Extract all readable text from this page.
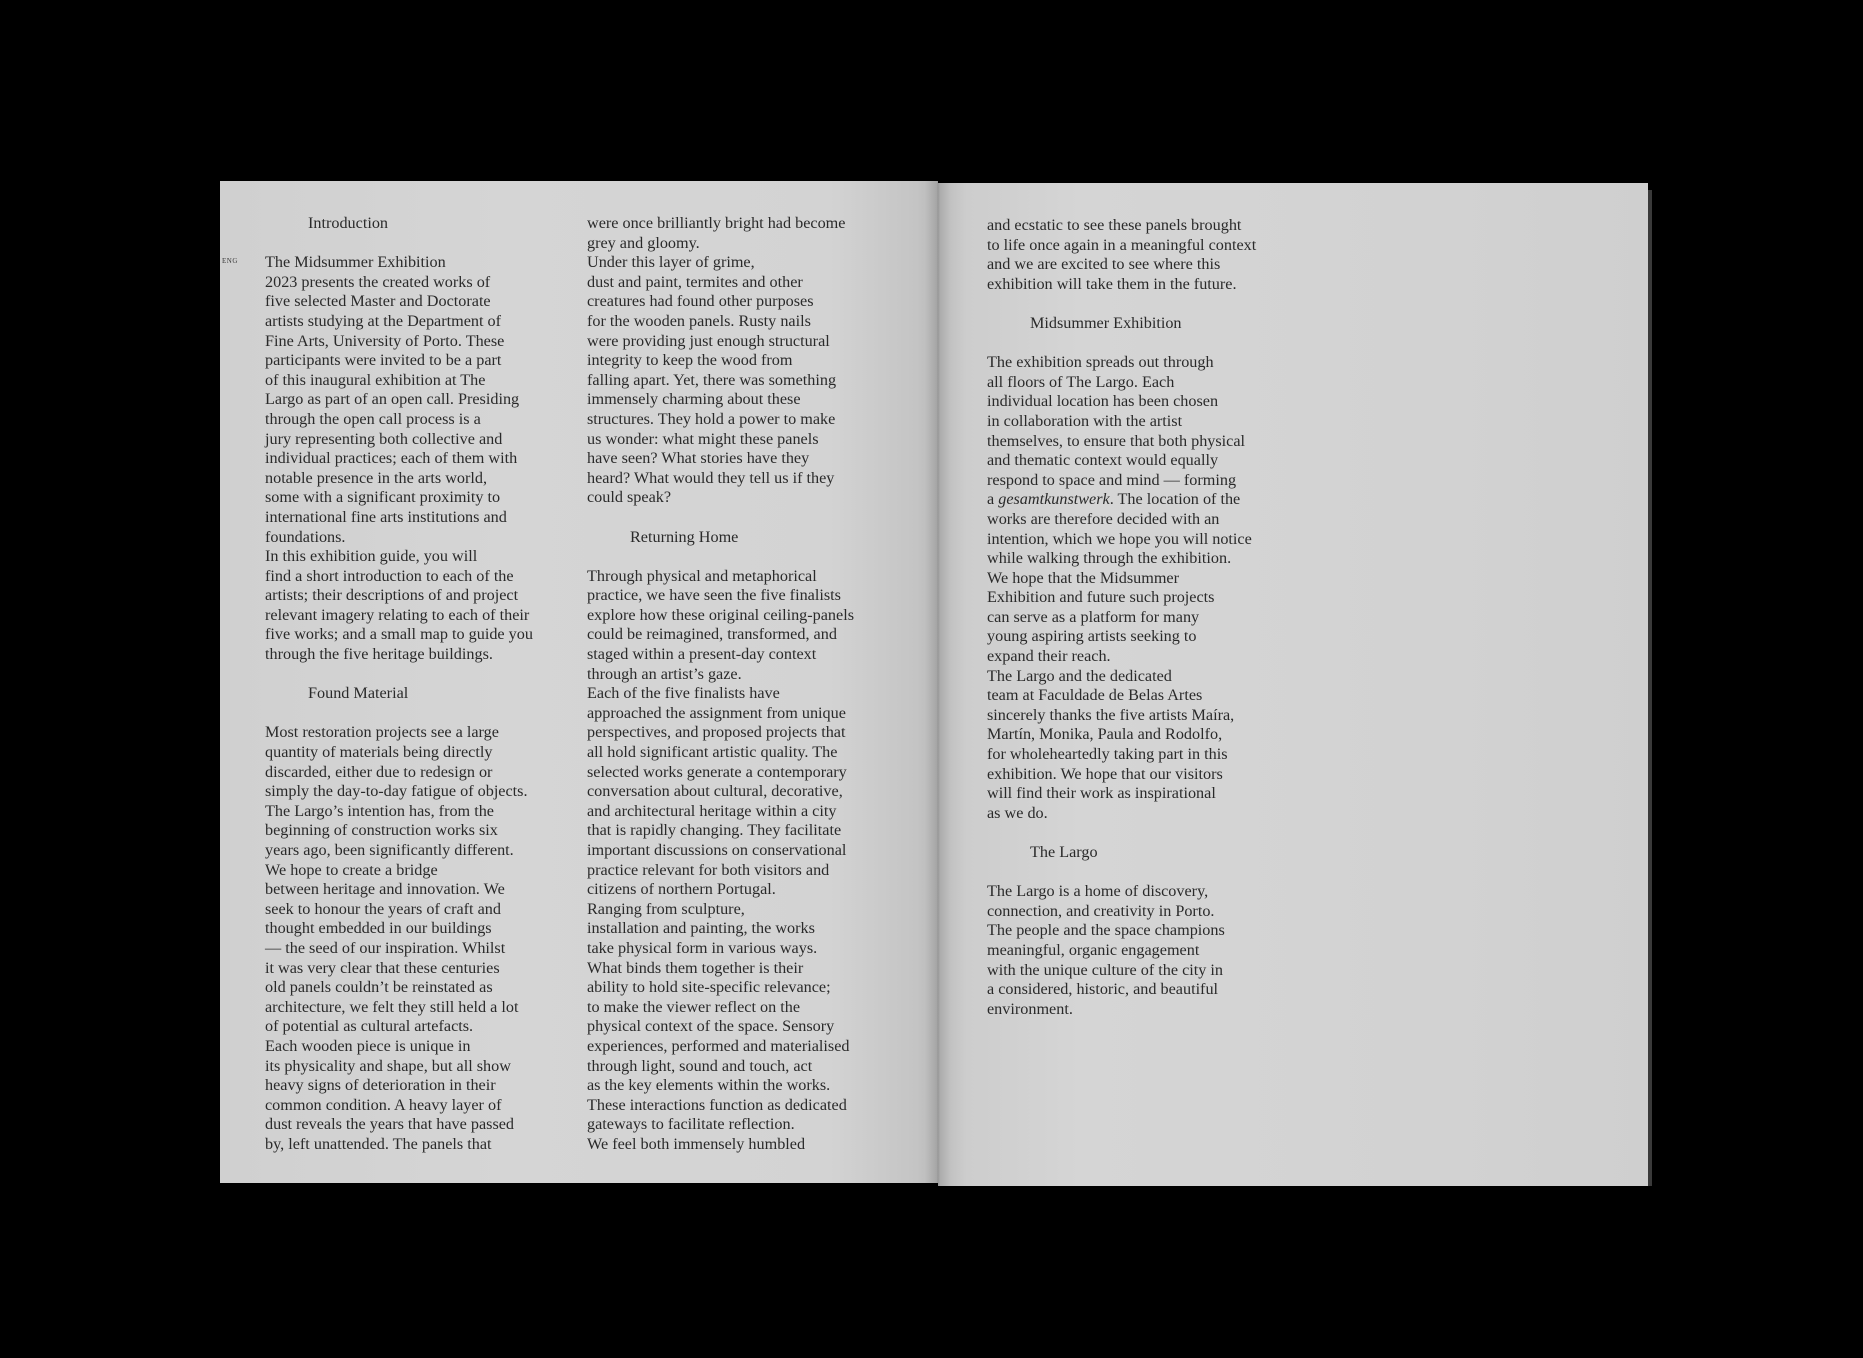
Introduction
ENG The Midsummer Exhibition

2023 presents the created works of

five selected Master and Doctorate

artists studying at the Department of

Fine Arts, University of Porto. These

participants were invited to be a part

of this inaugural exhibition at The

Largo as part of an open call. Presiding

through the open call process is a

jury representing both collective and

individual practices; each of them with

notable presence in the arts world,

some with a significant proximity to

international fine arts institutions and

foundations.

In this exhibition guide, you will

find a short introduction to each of the

artists; their descriptions of and project

relevant imagery relating to each of their

five works; and a small map to guide you

through the five heritage buildings.

Found Material

Most restoration projects see a large

quantity of materials being directly

discarded, either due to redesign or

simply the day-to-day fatigue of objects.

The Largo’s intention has, from the

beginning of construction works six

years ago, been significantly different.

We hope to create a bridge

between heritage and innovation. We

seek to honour the years of craft and

thought embedded in our buildings

— the seed of our inspiration. Whilst

it was very clear that these centuries

old panels couldn’t be reinstated as

architecture, we felt they still held a lot

of potential as cultural artefacts.

Each wooden piece is unique in

its physicality and shape, but all show

heavy signs of deterioration in their

common condition. A heavy layer of

dust reveals the years that have passed

by, left unattended. The panels that

were once brilliantly bright had become

grey and gloomy.

Under this layer of grime,

dust and paint, termites and other

creatures had found other purposes

for the wooden panels. Rusty nails

were providing just enough structural

integrity to keep the wood from

falling apart. Yet, there was something

immensely charming about these

structures. They hold a power to make

us wonder: what might these panels

have seen? What stories have they

heard? What would they tell us if they

could speak?

Returning Home

Through physical and metaphorical

practice, we have seen the five finalists

explore how these original ceiling-panels

could be reimagined, transformed, and

staged within a present-day context

through an artist’s gaze.

Each of the five finalists have

approached the assignment from unique

perspectives, and proposed projects that

all hold significant artistic quality. The

selected works generate a contemporary

conversation about cultural, decorative,

and architectural heritage within a city

that is rapidly changing. They facilitate

important discussions on conservational

practice relevant for both visitors and

citizens of northern Portugal.

Ranging from sculpture,

installation and painting, the works

take physical form in various ways.

What binds them together is their

ability to hold site-specific relevance;

to make the viewer reflect on the

physical context of the space. Sensory

experiences, performed and materialised

through light, sound and touch, act

as the key elements within the works.

These interactions function as dedicated

gateways to facilitate reflection.

We feel both immensely humbled

and ecstatic to see these panels brought

to life once again in a meaningful context

and we are excited to see where this

exhibition will take them in the future.

Midsummer Exhibition

The exhibition spreads out through

all floors of The Largo. Each

individual location has been chosen

in collaboration with the artist

themselves, to ensure that both physical

and thematic context would equally

respond to space and mind — forming

a gesamtkunstwerk. The location of the

works are therefore decided with an

intention, which we hope you will notice

while walking through the exhibition.

We hope that the Midsummer

Exhibition and future such projects

can serve as a platform for many

young aspiring artists seeking to

expand their reach.

The Largo and the dedicated

team at Faculdade de Belas Artes

sincerely thanks the five artists Maíra,

Martín, Monika, Paula and Rodolfo,

for wholeheartedly taking part in this

exhibition. We hope that our visitors

will find their work as inspirational

as we do.

The Largo

The Largo is a home of discovery,

connection, and creativity in Porto.

The people and the space champions

meaningful, organic engagement

with the unique culture of the city in

a considered, historic, and beautiful

environment.
